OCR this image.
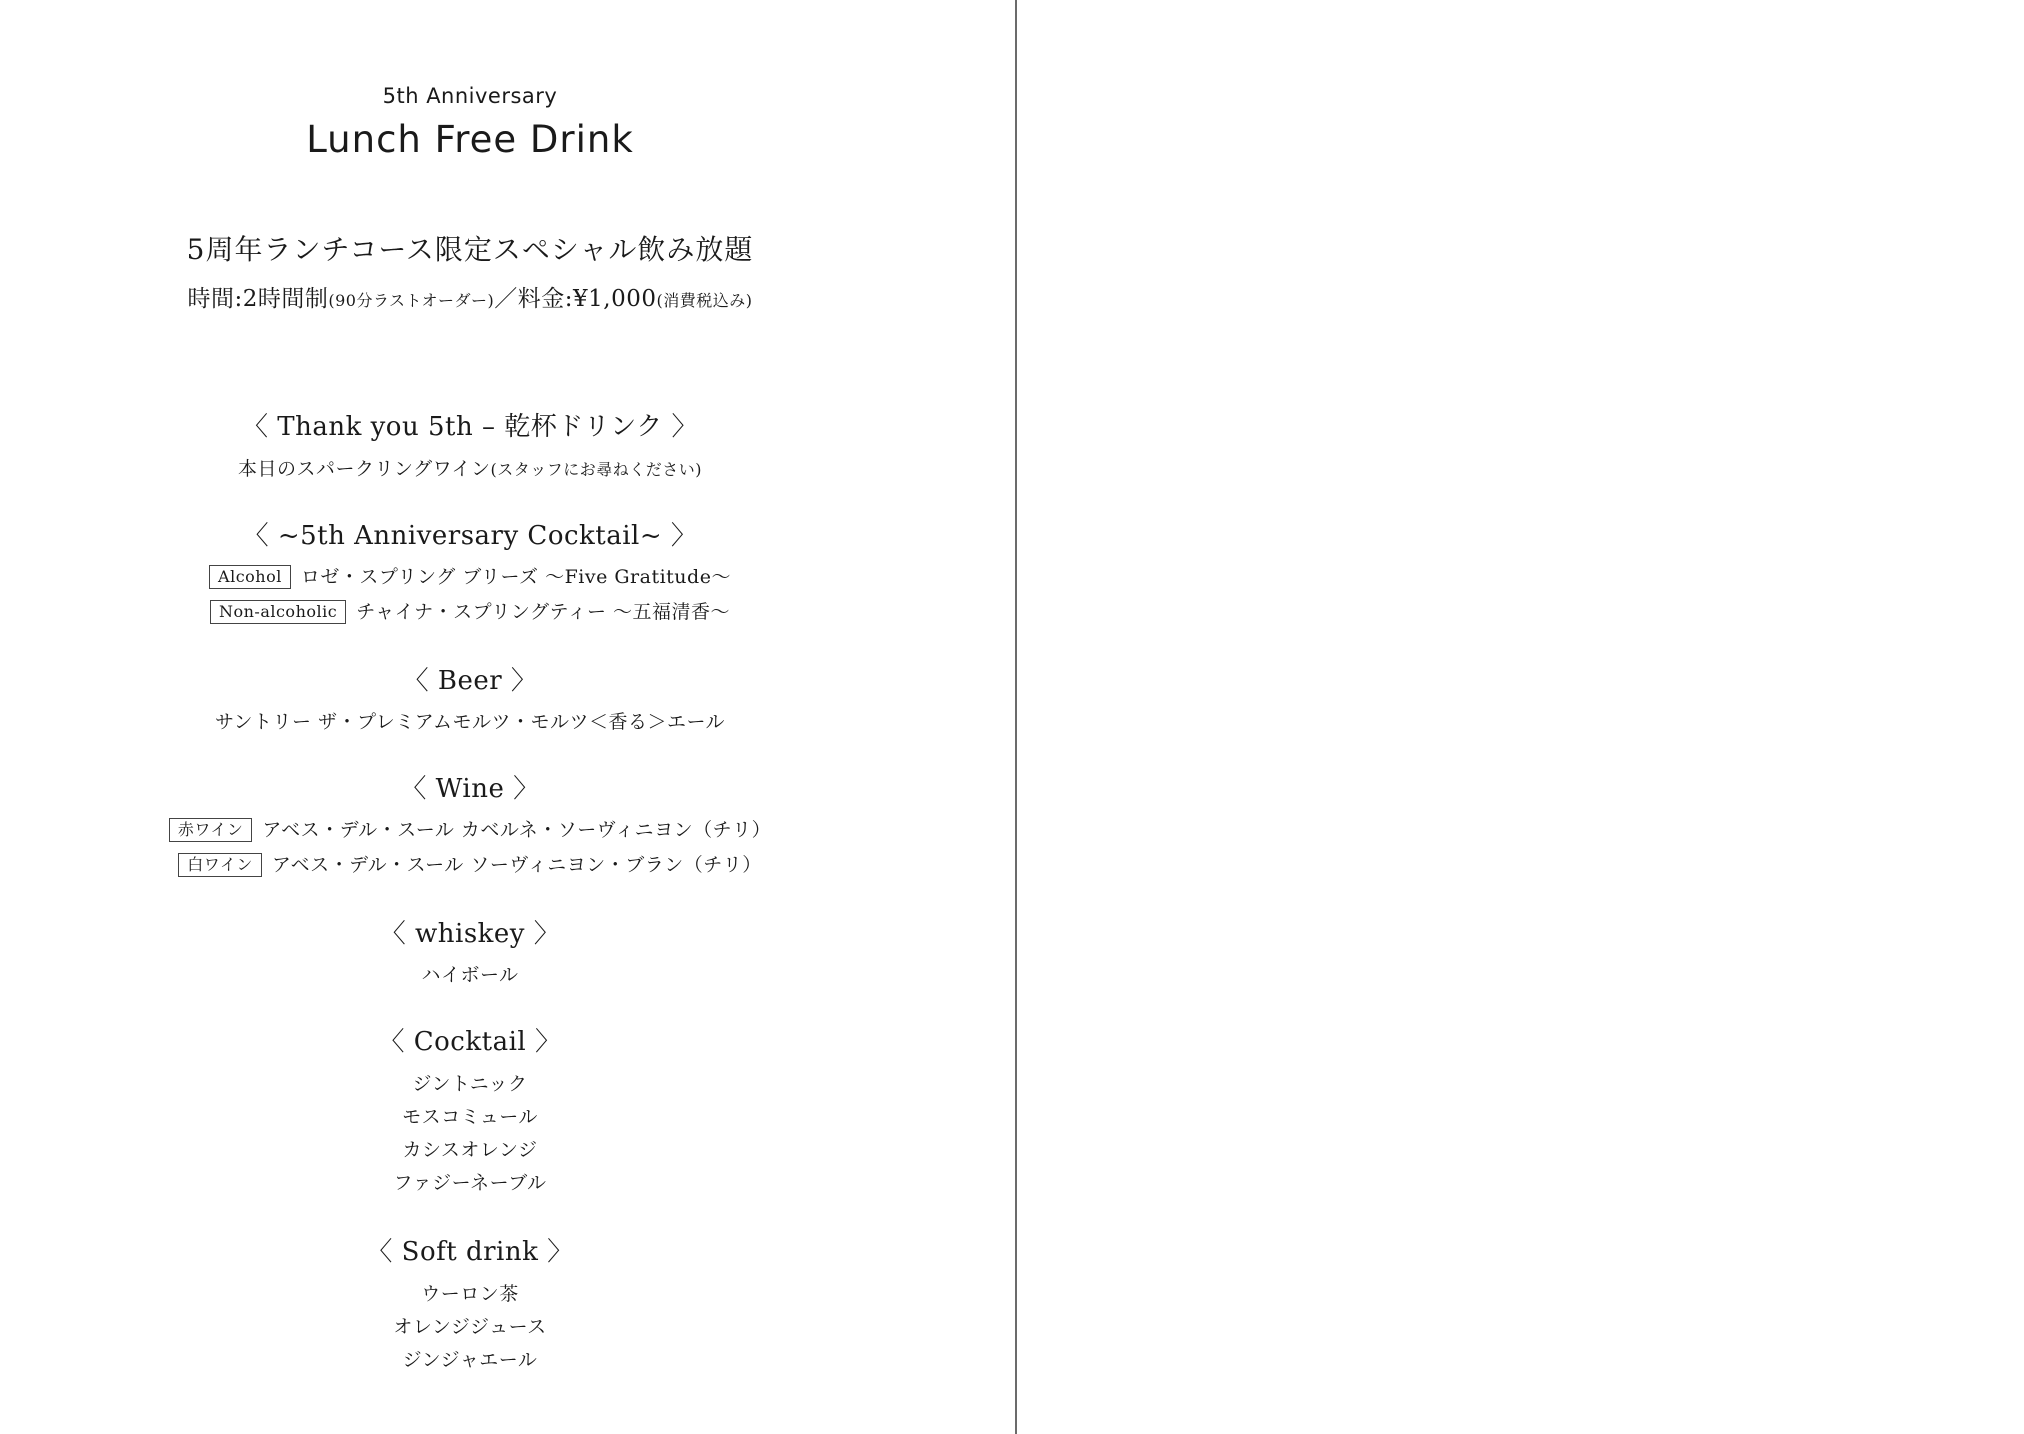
5th Anniversary
Lunch Free Drink
5周年ランチコース限定スペシャル飲み放題
時間:2時間制(90分ラストオーダー)／料金:¥1,000(消費税込み)
〈 Thank you 5th – 乾杯ドリンク 〉
本日のスパークリングワイン(スタッフにお尋ねください)
〈 ~5th Anniversary Cocktail~ 〉
Alcohol ロゼ・スプリング ブリーズ ～Five Gratitude～
Non-alcoholic チャイナ・スプリングティー ～五福清香～
〈 Beer 〉
サントリー ザ・プレミアムモルツ・モルツ＜香る＞エール
〈 Wine 〉
赤ワイン アベス・デル・スール カベルネ・ソーヴィニヨン（チリ）
白ワイン アベス・デル・スール ソーヴィニヨン・ブラン（チリ）
〈 whiskey 〉
ハイボール
〈 Cocktail 〉
ジントニック
モスコミュール
カシスオレンジ
ファジーネーブル
〈 Soft drink 〉
ウーロン茶
オレンジジュース
ジンジャエール
